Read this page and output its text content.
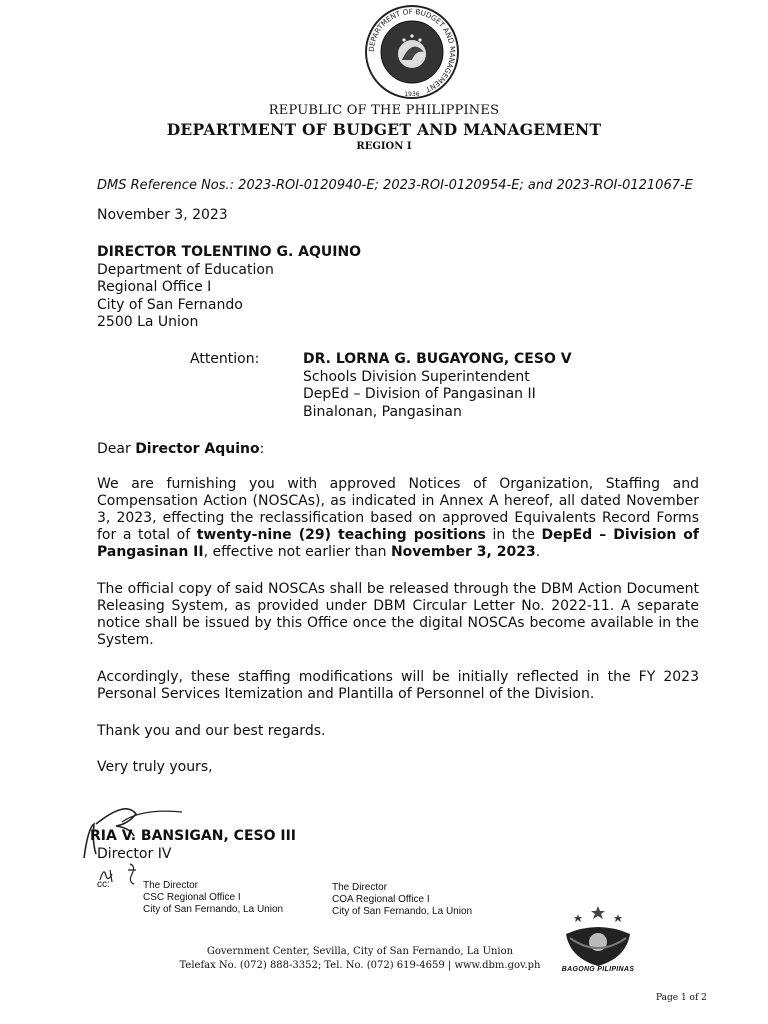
DEPARTMENT OF BUDGET AND MANAGEMENT
1936
REPUBLIC OF THE PHILIPPINES
DEPARTMENT OF BUDGET AND MANAGEMENT
REGION I
DMS Reference Nos.: 2023-ROI-0120940-E; 2023-ROI-0120954-E; and 2023-ROI-0121067-E
November 3, 2023
DIRECTOR TOLENTINO G. AQUINO
Department of Education
Regional Office I
City of San Fernando
2500 La Union
Attention:	DR. LORNA G. BUGAYONG, CESO V
Schools Division Superintendent
DepEd – Division of Pangasinan II
Binalonan, Pangasinan
Dear Director Aquino:
We are furnishing you with approved Notices of Organization, Staffing and Compensation Action (NOSCAs), as indicated in Annex A hereof, all dated November 3, 2023, effecting the reclassification based on approved Equivalents Record Forms for a total of twenty-nine (29) teaching positions in the DepEd – Division of Pangasinan II, effective not earlier than November 3, 2023.
The official copy of said NOSCAs shall be released through the DBM Action Document Releasing System, as provided under DBM Circular Letter No. 2022-11. A separate notice shall be issued by this Office once the digital NOSCAs become available in the System.
Accordingly, these staffing modifications will be initially reflected in the FY 2023 Personal Services Itemization and Plantilla of Personnel of the Division.
Thank you and our best regards.
Very truly yours,
RIA V. BANSIGAN, CESO III
Director IV
cc:	The Director
CSC Regional Office I
City of San Fernando, La Union
The Director
COA Regional Office I
City of San Fernando, La Union
Government Center, Sevilla, City of San Fernando, La Union
Telefax No. (072) 888-3352; Tel. No. (072) 619-4659 | www.dbm.gov.ph	BAGONG PILIPINAS
Page 1 of 2
